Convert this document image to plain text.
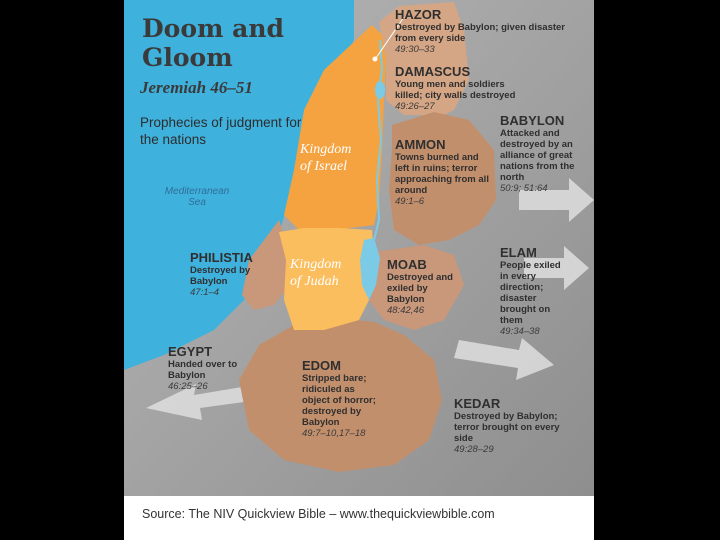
Doom and
Gloom
Jeremiah 46–51
Prophecies of judgment for the nations
Mediterranean
Sea
Kingdom
of Israel
Kingdom
of Judah
HAZOR
Destroyed by Babylon; given disaster from every side
49:30–33
DAMASCUS
Young men and soldiers killed; city walls destroyed
49:26–27
AMMON
Towns burned and left in ruins; terror approaching from all around
49:1–6
BABYLON
Attacked and destroyed by an alliance of great nations from the north
50:9; 51:64
PHILISTIA
Destroyed by Babylon
47:1–4
MOAB
Destroyed and exiled by Babylon
48:42,46
ELAM
People exiled in every direction; disaster brought on them
49:34–38
EGYPT
Handed over to Babylon
46:25–26
EDOM
Stripped bare; ridiculed as object of horror; destroyed by Babylon
49:7–10,17–18
KEDAR
Destroyed by Babylon; terror brought on every side
49:28–29
Source: The NIV Quickview Bible – www.thequickviewbible.com
